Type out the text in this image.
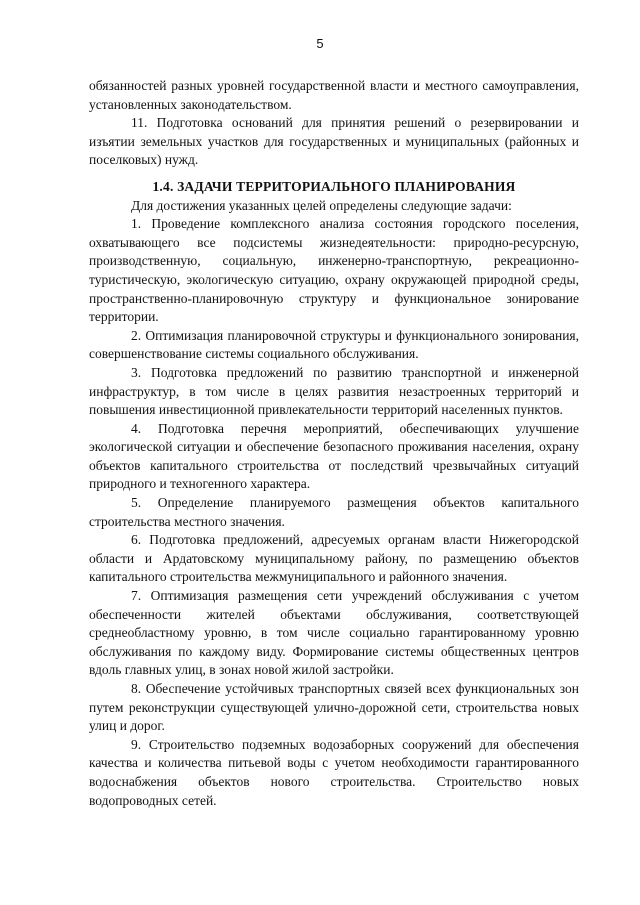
5

обязанностей разных уровней государственной власти и местного самоуправления, установленных законодательством.

11. Подготовка оснований для принятия решений о резервировании и изъятии земельных участков для государственных и муниципальных (районных и поселковых) нужд.

1.4. ЗАДАЧИ ТЕРРИТОРИАЛЬНОГО ПЛАНИРОВАНИЯ

Для достижения указанных целей определены следующие задачи:

1. Проведение комплексного анализа состояния городского поселения, охватывающего все подсистемы жизнедеятельности: природно-ресурсную, производственную, социальную, инженерно-транспортную, рекреационно-туристическую, экологическую ситуацию, охрану окружающей природной среды, пространственно-планировочную структуру и функциональное зонирование территории.

2. Оптимизация планировочной структуры и функционального зонирования, совершенствование системы социального обслуживания.

3. Подготовка предложений по развитию транспортной и инженерной инфраструктур, в том числе в целях развития незастроенных территорий и повышения инвестиционной привлекательности территорий населенных пунктов.

4. Подготовка перечня мероприятий, обеспечивающих улучшение экологической ситуации и обеспечение безопасного проживания населения, охрану объектов капитального строительства от последствий чрезвычайных ситуаций природного и техногенного характера.

5. Определение планируемого размещения объектов капитального строительства местного значения.

6. Подготовка предложений, адресуемых органам власти Нижегородской области и Ардатовскому муниципальному району, по размещению объектов капитального строительства межмуниципального и районного значения.

7. Оптимизация размещения сети учреждений обслуживания с учетом обеспеченности жителей объектами обслуживания, соответствующей среднеобластному уровню, в том числе социально гарантированному уровню обслуживания по каждому виду. Формирование системы общественных центров вдоль главных улиц, в зонах новой жилой застройки.

8. Обеспечение устойчивых транспортных связей всех функциональных зон путем реконструкции существующей улично-дорожной сети, строительства новых улиц и дорог.

9. Строительство подземных водозаборных сооружений для обеспечения качества и количества питьевой воды с учетом необходимости гарантированного водоснабжения объектов нового строительства. Строительство новых водопроводных сетей.
